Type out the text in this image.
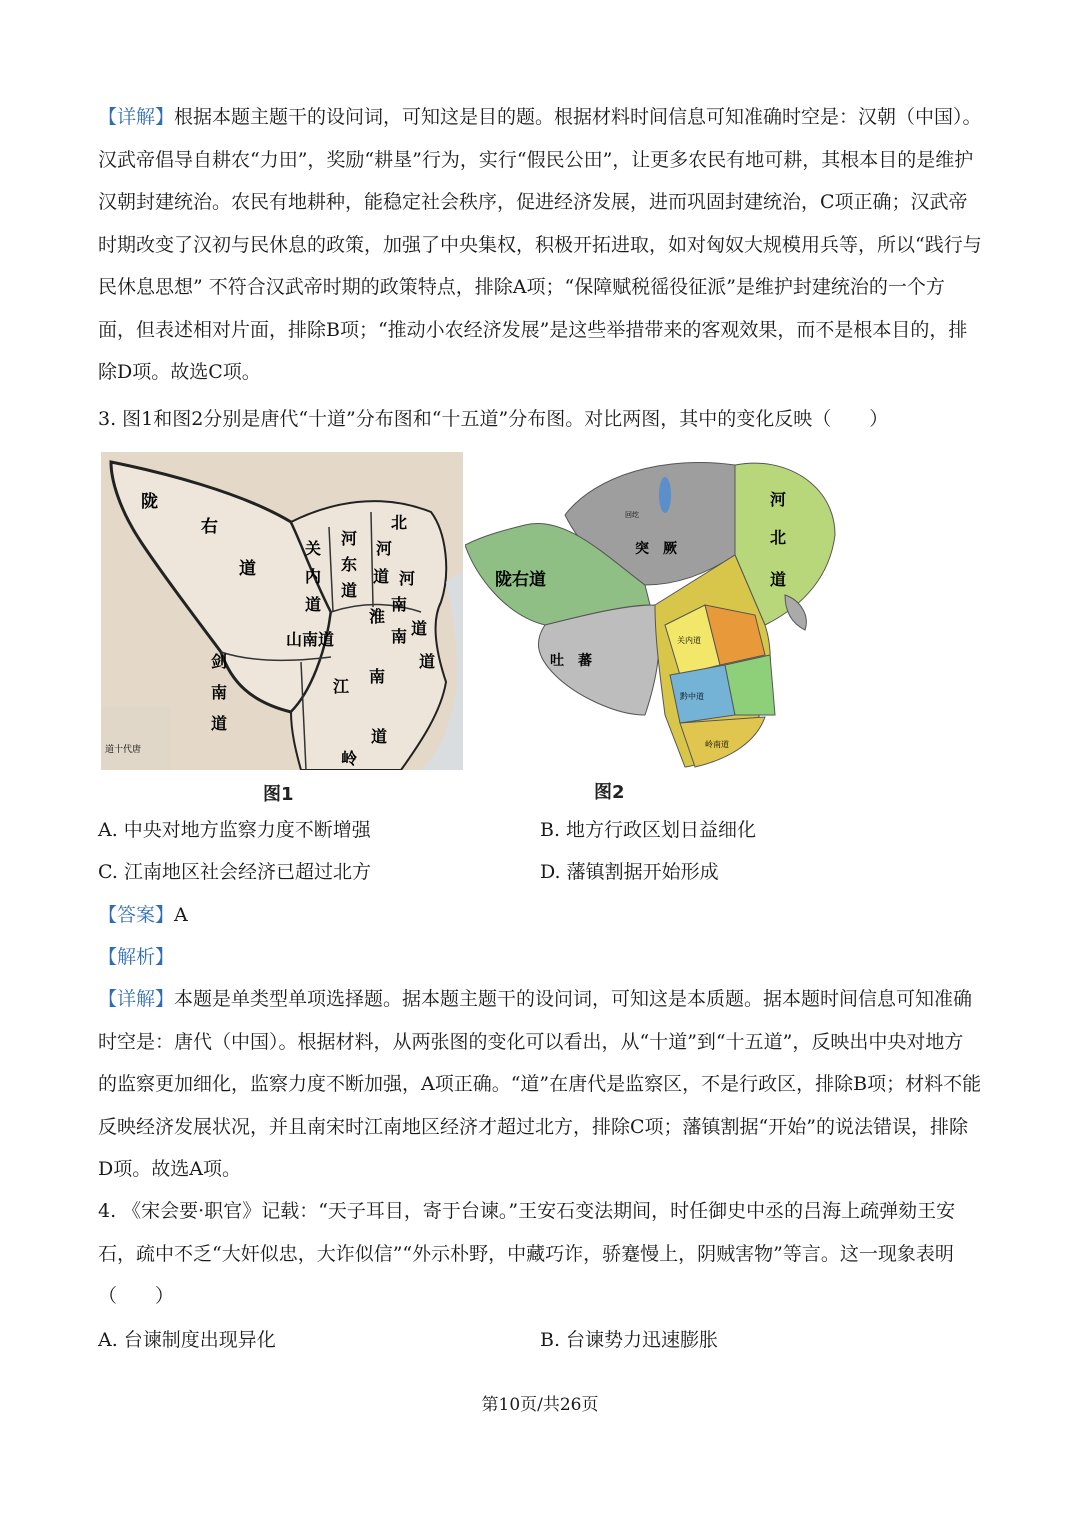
【详解】根据本题主题干的设问词，可知这是目的题。根据材料时间信息可知准确时空是：汉朝（中国）。汉武帝倡导自耕农“力田”，奖励“耕垦”行为，实行“假民公田”，让更多农民有地可耕，其根本目的是维护汉朝封建统治。农民有地耕种，能稳定社会秩序，促进经济发展，进而巩固封建统治，C项正确；汉武帝时期改变了汉初与民休息的政策，加强了中央集权，积极开拓进取，如对匈奴大规模用兵等，所以“践行与民休息思想” 不符合汉武帝时期的政策特点，排除A项；“保障赋税徭役征派”是维护封建统治的一个方面，但表述相对片面，排除B项；“推动小农经济发展”是这些举措带来的客观效果，而不是根本目的，排除D项。故选C项。

3. 图1和图2分别是唐代“十道”分布图和“十五道”分布图。对比两图，其中的变化反映（　　）

陇
右
道
关
内
道
河
东
道
河
北
道 河
南
道
山南道
淮
南
道
剑
南
道
江
南
道
岭
道十代唐
图1
回纥
突　厥
河
北
道
陇右道
吐　蕃
关内道
黔中道
岭南道
图2
A. 中央对地方监察力度不断增强	B. 地方行政区划日益细化
C. 江南地区社会经济已超过北方	D. 藩镇割据开始形成
【答案】A
【解析】

【详解】本题是单类型单项选择题。据本题主题干的设问词，可知这是本质题。据本题时间信息可知准确时空是：唐代（中国）。根据材料，从两张图的变化可以看出，从“十道”到“十五道”，反映出中央对地方的监察更加细化，监察力度不断加强，A项正确。“道”在唐代是监察区，不是行政区，排除B项；材料不能反映经济发展状况，并且南宋时江南地区经济才超过北方，排除C项；藩镇割据“开始”的说法错误，排除D项。故选A项。

4. 《宋会要·职官》记载：“天子耳目，寄于台谏。”王安石变法期间，时任御史中丞的吕海上疏弹劾王安石，疏中不乏“大奸似忠，大诈似信”“外示朴野，中藏巧诈，骄蹇慢上，阴贼害物”等言。这一现象表明（　　）

A. 台谏制度出现异化	B. 台谏势力迅速膨胀
第10页/共26页
